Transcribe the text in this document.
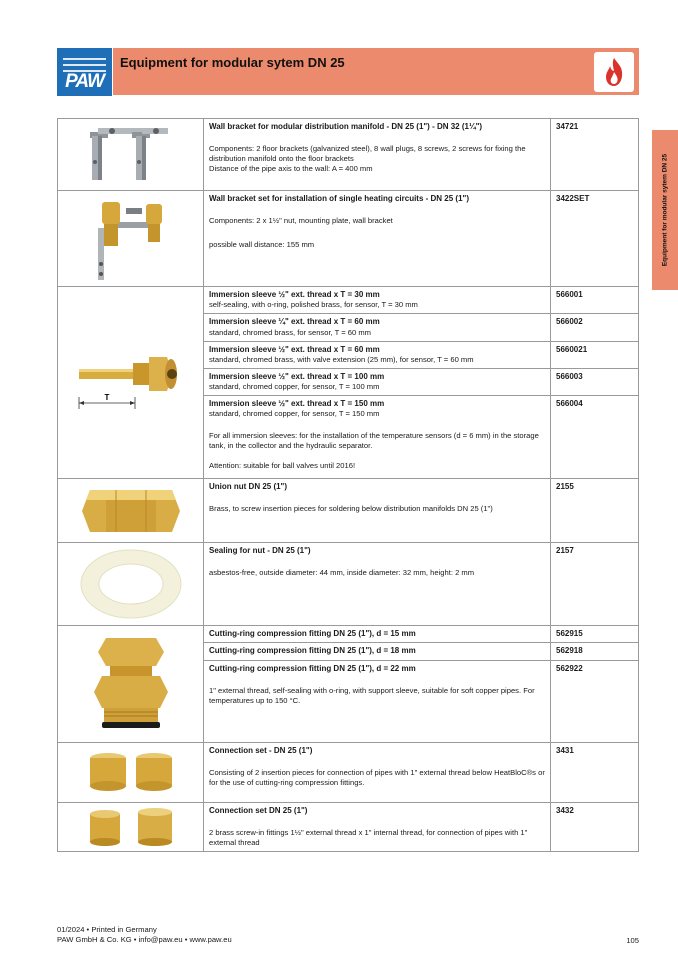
PAW
Equipment for modular sytem DN 25
Equipment for modular sytem DN 25

Wall bracket for modular distribution manifold - DN 25 (1") - DN 32 (1¼")
Components: 2 floor brackets (galvanized steel), 8 wall plugs, 8 screws, 2 screws for fixing the distribution manifold onto the floor brackets
Distance of the pipe axis to the wall: A = 400 mm	34721

Wall bracket set for installation of single heating circuits - DN 25 (1")
Components: 2 x 1½" nut, mounting plate, wall bracket
possible wall distance: 155 mm	3422SET

T	Immersion sleeve ½" ext. thread x T = 30 mm
self-sealing, with o-ring, polished brass, for sensor, T = 30 mm	566001

	Immersion sleeve ¼" ext. thread x T = 60 mm
standard, chromed brass, for sensor, T = 60 mm	566002

	Immersion sleeve ½" ext. thread x T = 60 mm
standard, chromed brass, with valve extension (25 mm), for sensor, T = 60 mm	5660021

	Immersion sleeve ½" ext. thread x T = 100 mm
standard, chromed copper, for sensor, T = 100 mm	566003

	Immersion sleeve ½" ext. thread x T = 150 mm
standard, chromed copper, for sensor, T = 150 mm
For all immersion sleeves: for the installation of the temperature sensors (d = 6 mm) in the storage tank, in the collector and the hydraulic separator.
Attention: suitable for ball valves until 2016!	566004

Union nut DN 25 (1")
Brass, to screw insertion pieces for soldering below distribution manifolds DN 25 (1")	2155

Sealing for nut - DN 25 (1")
asbestos-free, outside diameter: 44 mm, inside diameter: 32 mm, height: 2 mm	2157

Cutting-ring compression fitting DN 25 (1"), d = 15 mm	562915

	Cutting-ring compression fitting DN 25 (1"), d = 18 mm	562918

	Cutting-ring compression fitting DN 25 (1"), d = 22 mm
1" external thread, self-sealing with o-ring, with support sleeve, suitable for soft copper pipes. For temperatures up to 150 °C.	562922

Connection set - DN 25 (1")
Consisting of 2 insertion pieces for connection of pipes with 1" external thread below HeatBloC®s or for the use of cutting-ring compression fittings.	3431

Connection set DN 25 (1")
2 brass screw-in fittings 1½" external thread x 1" internal thread, for connection of pipes with 1" external thread	3432
01/2024 • Printed in Germany
PAW GmbH & Co. KG • info@paw.eu • www.paw.eu	105
